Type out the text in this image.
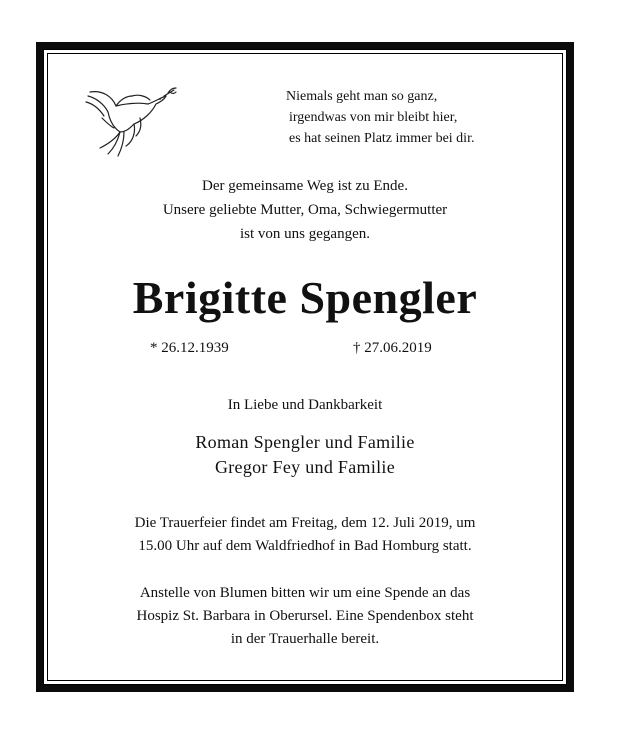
Niemals geht man so ganz,
irgendwas von mir bleibt hier,
es hat seinen Platz immer bei dir.
Der gemeinsame Weg ist zu Ende.
Unsere geliebte Mutter, Oma, Schwiegermutter
ist von uns gegangen.
Brigitte Spengler
* 26.12.1939	† 27.06.2019
In Liebe und Dankbarkeit
Roman Spengler und Familie
Gregor Fey und Familie
Die Trauerfeier findet am Freitag, dem 12. Juli 2019, um
15.00 Uhr auf dem Waldfriedhof in Bad Homburg statt.
Anstelle von Blumen bitten wir um eine Spende an das
Hospiz St. Barbara in Oberursel. Eine Spendenbox steht
in der Trauerhalle bereit.
